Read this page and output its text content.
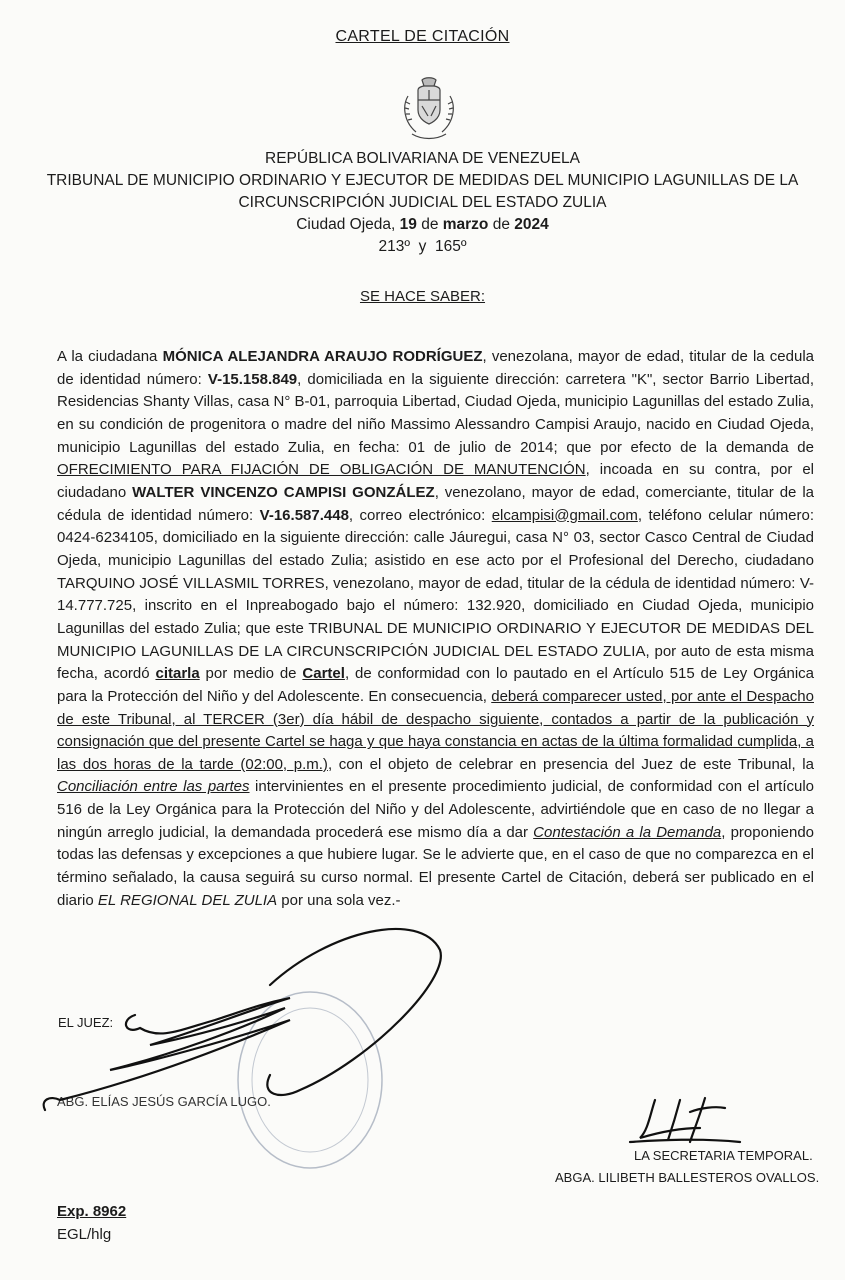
CARTEL DE CITACIÓN
REPÚBLICA BOLIVARIANA DE VENEZUELA
TRIBUNAL DE MUNICIPIO ORDINARIO Y EJECUTOR DE MEDIDAS DEL MUNICIPIO LAGUNILLAS DE LA
CIRCUNSCRIPCIÓN JUDICIAL DEL ESTADO ZULIA
Ciudad Ojeda, 19 de marzo de 2024
213º  y  165º
SE HACE SABER:

A la ciudadana MÓNICA ALEJANDRA ARAUJO RODRÍGUEZ, venezolana, mayor de edad, titular de la cedula de identidad número: V-15.158.849, domiciliada en la siguiente dirección: carretera "K", sector Barrio Libertad, Residencias Shanty Villas, casa N° B-01, parroquia Libertad, Ciudad Ojeda, municipio Lagunillas del estado Zulia, en su condición de progenitora o madre del niño Massimo Alessandro Campisi Araujo, nacido en Ciudad Ojeda, municipio Lagunillas del estado Zulia, en fecha: 01 de julio de 2014; que por efecto de la demanda de OFRECIMIENTO PARA FIJACIÓN DE OBLIGACIÓN DE MANUTENCIÓN, incoada en su contra, por el ciudadano WALTER VINCENZO CAMPISI GONZÁLEZ, venezolano, mayor de edad, comerciante, titular de la cédula de identidad número: V-16.587.448, correo electrónico: elcampisi@gmail.com, teléfono celular número: 0424-6234105, domiciliado en la siguiente dirección: calle Jáuregui, casa N° 03, sector Casco Central de Ciudad Ojeda, municipio Lagunillas del estado Zulia; asistido en ese acto por el Profesional del Derecho, ciudadano TARQUINO JOSÉ VILLASMIL TORRES, venezolano, mayor de edad, titular de la cédula de identidad número: V-14.777.725, inscrito en el Inpreabogado bajo el número: 132.920, domiciliado en Ciudad Ojeda, municipio Lagunillas del estado Zulia; que este TRIBUNAL DE MUNICIPIO ORDINARIO Y EJECUTOR DE MEDIDAS DEL MUNICIPIO LAGUNILLAS DE LA CIRCUNSCRIPCIÓN JUDICIAL DEL ESTADO ZULIA, por auto de esta misma fecha, acordó citarla por medio de Cartel, de conformidad con lo pautado en el Artículo 515 de Ley Orgánica para la Protección del Niño y del Adolescente. En consecuencia, deberá comparecer usted, por ante el Despacho de este Tribunal, al TERCER (3er) día hábil de despacho siguiente, contados a partir de la publicación y consignación que del presente Cartel se haga y que haya constancia en actas de la última formalidad cumplida, a las dos horas de la tarde (02:00, p.m.), con el objeto de celebrar en presencia del Juez de este Tribunal, la Conciliación entre las partes intervinientes en el presente procedimiento judicial, de conformidad con el artículo 516 de la Ley Orgánica para la Protección del Niño y del Adolescente, advirtiéndole que en caso de no llegar a ningún arreglo judicial, la demandada procederá ese mismo día a dar Contestación a la Demanda, proponiendo todas las defensas y excepciones a que hubiere lugar. Se le advierte que, en el caso de que no comparezca en el término señalado, la causa seguirá su curso normal. El presente Cartel de Citación, deberá ser publicado en el diario EL REGIONAL DEL ZULIA por una sola vez.-

EL JUEZ:
ABG. ELÍAS JESÚS GARCÍA LUGO.
LA SECRETARIA TEMPORAL.
ABGA. LILIBETH BALLESTEROS OVALLOS.
Exp. 8962
EGL/hlg
